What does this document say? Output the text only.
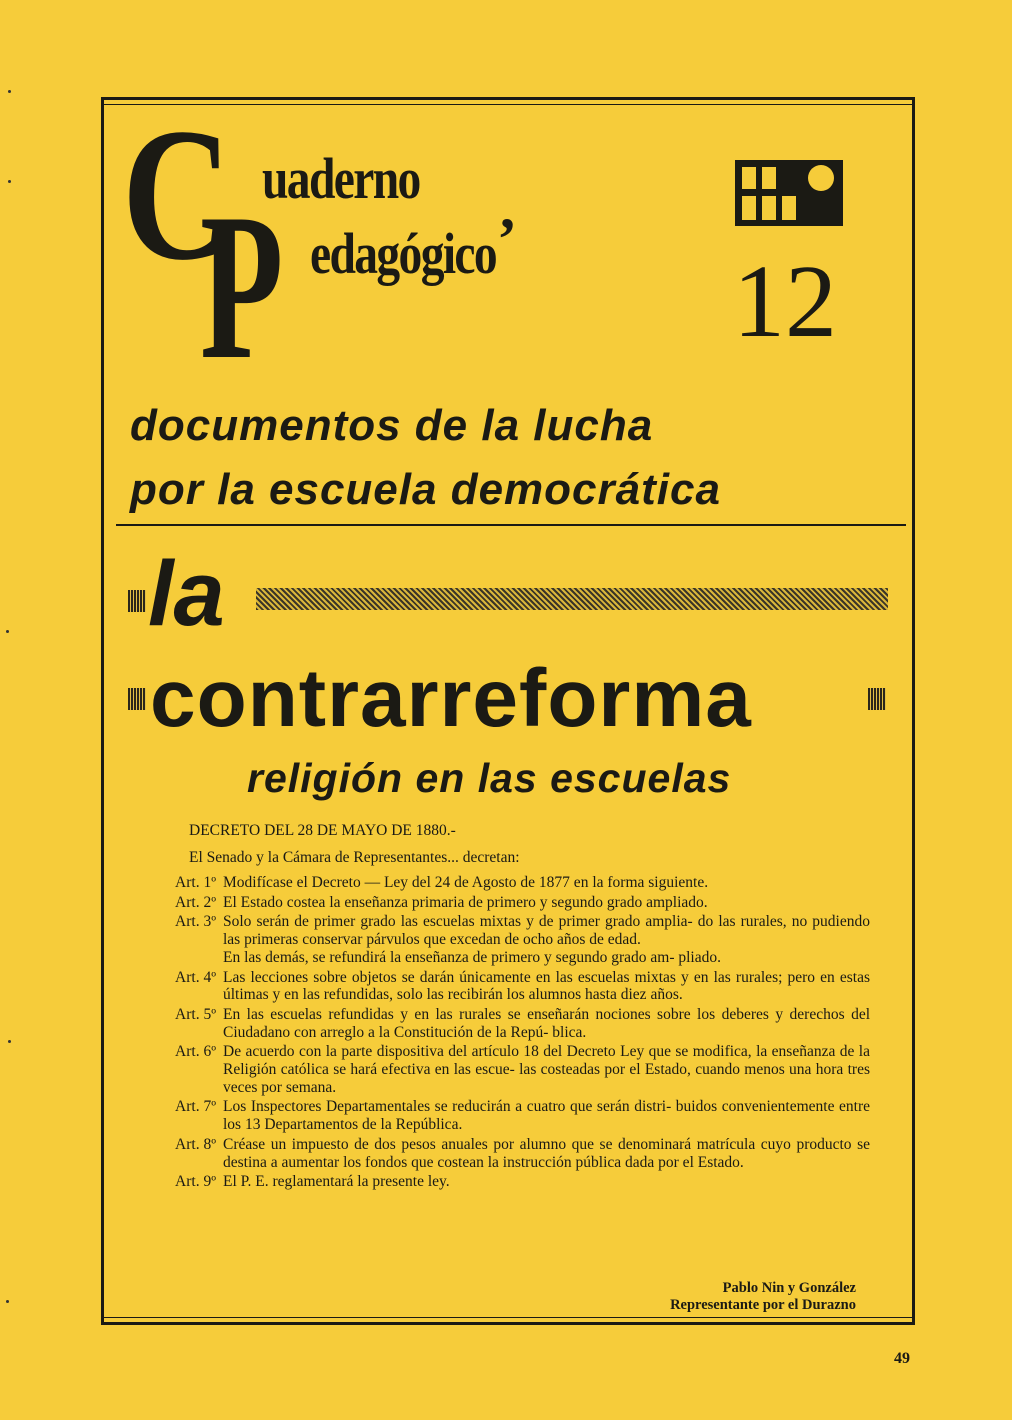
C uaderno ,
P edagógico 12
documentos de la lucha
por la escuela democrática
la
contrarreforma
religión en las escuelas
DECRETO DEL 28 DE MAYO DE 1880.-
El Senado y la Cámara de Representantes... decretan:
Art. 1º Modifícase el Decreto — Ley del 24 de Agosto de 1877 en la forma siguiente.
Art. 2º El Estado costea la enseñanza primaria de primero y segundo grado ampliado.
Art. 3º Solo serán de primer grado las escuelas mixtas y de primer grado amplia- do las rurales, no pudiendo las primeras conservar párvulos que excedan de ocho años de edad.
En las demás, se refundirá la enseñanza de primero y segundo grado am- pliado.
Art. 4º Las lecciones sobre objetos se darán únicamente en las escuelas mixtas y en las rurales; pero en estas últimas y en las refundidas, solo las recibirán los alumnos hasta diez años.
Art. 5º En las escuelas refundidas y en las rurales se enseñarán nociones sobre los deberes y derechos del Ciudadano con arreglo a la Constitución de la Repú- blica.
Art. 6º De acuerdo con la parte dispositiva del artículo 18 del Decreto Ley que se modifica, la enseñanza de la Religión católica se hará efectiva en las escue- las costeadas por el Estado, cuando menos una hora tres veces por semana.
Art. 7º Los Inspectores Departamentales se reducirán a cuatro que serán distri- buidos convenientemente entre los 13 Departamentos de la República.
Art. 8º Créase un impuesto de dos pesos anuales por alumno que se denominará matrícula cuyo producto se destina a aumentar los fondos que costean la instrucción pública dada por el Estado.
Art. 9º El P. E. reglamentará la presente ley.
Pablo Nin y González
Representante por el Durazno
49
